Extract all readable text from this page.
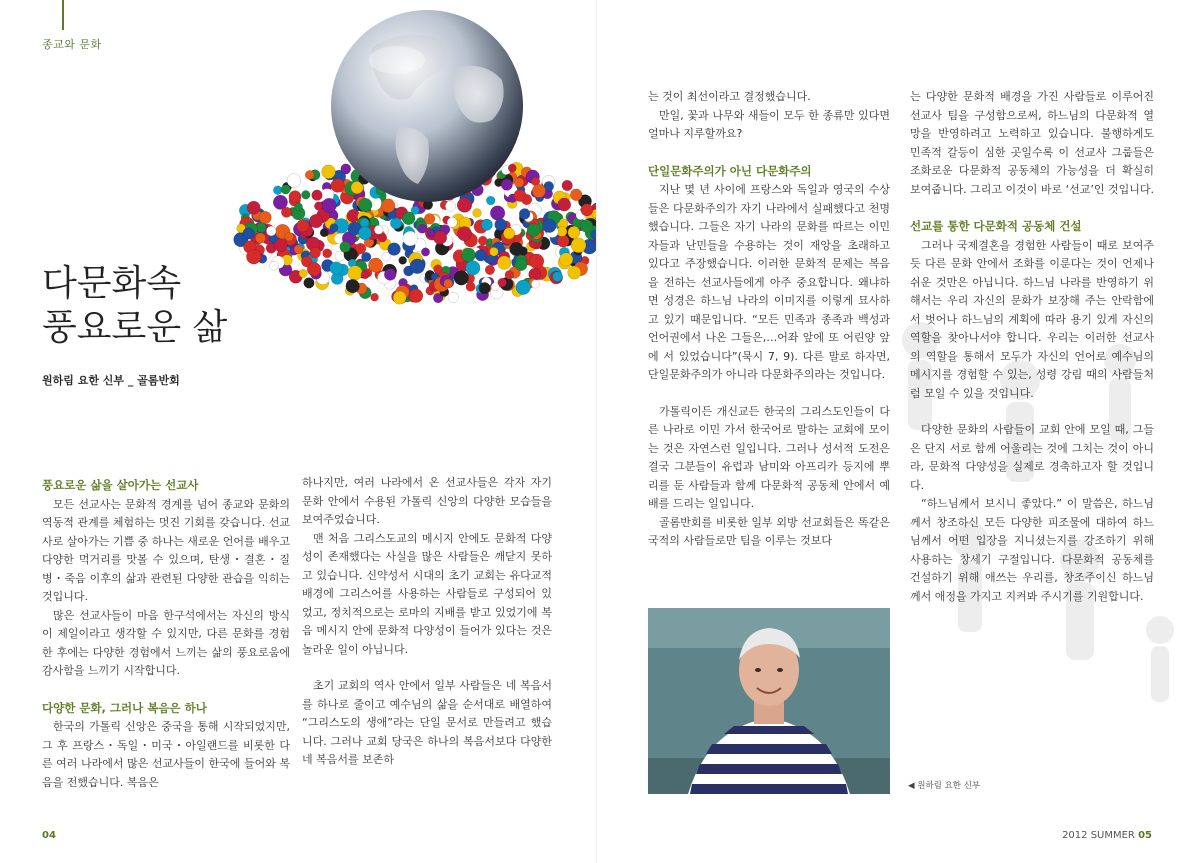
종교와 문화
다문화속
풍요로운 삶
원하림 요한 신부 _ 골롬반회
풍요로운 삶을 살아가는 선교사

모든 선교사는 문화적 경계를 넘어 종교와 문화의 역동적 관계를 체험하는 멋진 기회를 갖습니다. 선교사로 살아가는 기쁨 중 하나는 새로운 언어를 배우고 다양한 먹거리를 맛볼 수 있으며, 탄생・결혼・질병・죽음 이후의 삶과 관련된 다양한 관습을 익히는 것입니다.

많은 선교사들이 마음 한구석에서는 자신의 방식이 제일이라고 생각할 수 있지만, 다른 문화를 경험한 후에는 다양한 경험에서 느끼는 삶의 풍요로움에 감사함을 느끼기 시작합니다.

다양한 문화, 그러나 복음은 하나

한국의 가톨릭 신앙은 중국을 통해 시작되었지만, 그 후 프랑스・독일・미국・아일랜드를 비롯한 다른 여러 나라에서 많은 선교사들이 한국에 들어와 복음을 전했습니다. 복음은

하나지만, 여러 나라에서 온 선교사들은 각자 자기 문화 안에서 수용된 가톨릭 신앙의 다양한 모습들을 보여주었습니다.

맨 처음 그리스도교의 메시지 안에도 문화적 다양성이 존재했다는 사실을 많은 사람들은 깨닫지 못하고 있습니다. 신약성서 시대의 초기 교회는 유다교적 배경에 그리스어를 사용하는 사람들로 구성되어 있었고, 정치적으로는 로마의 지배를 받고 있었기에 복음 메시지 안에 문화적 다양성이 들어가 있다는 것은 놀라운 일이 아닙니다.

초기 교회의 역사 안에서 일부 사람들은 네 복음서를 하나로 줄이고 예수님의 삶을 순서대로 배열하여 “그리스도의 생애”라는 단일 문서로 만들려고 했습니다. 그러나 교회 당국은 하나의 복음서보다 다양한 네 복음서를 보존하

04

는 것이 최선이라고 결정했습니다.

만일, 꽃과 나무와 새들이 모두 한 종류만 있다면 얼마나 지루할까요?

단일문화주의가 아닌 다문화주의

지난 몇 년 사이에 프랑스와 독일과 영국의 수상들은 다문화주의가 자기 나라에서 실패했다고 천명했습니다. 그들은 자기 나라의 문화를 따르는 이민자들과 난민들을 수용하는 것이 재앙을 초래하고 있다고 주장했습니다. 이러한 문화적 문제는 복음을 전하는 선교사들에게 아주 중요합니다. 왜냐하면 성경은 하느님 나라의 이미지를 이렇게 묘사하고 있기 때문입니다. “모든 민족과 종족과 백성과 언어권에서 나온 그들은,…어좌 앞에 또 어린양 앞에 서 있었습니다”(묵시 7, 9). 다른 말로 하자면, 단일문화주의가 아니라 다문화주의라는 것입니다.

가톨릭이든 개신교든 한국의 그리스도인들이 다른 나라로 이민 가서 한국어로 말하는 교회에 모이는 것은 자연스런 일입니다. 그러나 성서적 도전은 결국 그분들이 유럽과 남미와 아프리카 등지에 뿌리를 둔 사람들과 함께 다문화적 공동체 안에서 예배를 드리는 일입니다.

골롬반회를 비롯한 일부 외방 선교회들은 똑같은 국적의 사람들로만 팀을 이루는 것보다

는 다양한 문화적 배경을 가진 사람들로 이루어진 선교사 팀을 구성함으로써, 하느님의 다문화적 열망을 반영하려고 노력하고 있습니다. 불행하게도 민족적 갈등이 심한 곳일수록 이 선교사 그룹들은 조화로운 다문화적 공동체의 가능성을 더 확실히 보여줍니다. 그리고 이것이 바로 ‘선교’인 것입니다.

선교를 통한 다문화적 공동체 건설

그러나 국제결혼을 경험한 사람들이 때로 보여주듯 다른 문화 안에서 조화를 이룬다는 것이 언제나 쉬운 것만은 아닙니다. 하느님 나라를 반영하기 위해서는 우리 자신의 문화가 보장해 주는 안락함에서 벗어나 하느님의 계획에 따라 용기 있게 자신의 역할을 찾아나서야 합니다. 우리는 이러한 선교사의 역할을 통해서 모두가 자신의 언어로 예수님의 메시지를 경험할 수 있는, 성령 강림 때의 사람들처럼 모일 수 있을 것입니다.

다양한 문화의 사람들이 교회 안에 모일 때, 그들은 단지 서로 함께 어울리는 것에 그치는 것이 아니라, 문화적 다양성을 실제로 경축하고자 할 것입니다.

“하느님께서 보시니 좋았다.” 이 말씀은, 하느님께서 창조하신 모든 다양한 피조물에 대하여 하느님께서 어떤 입장을 지니셨는지를 강조하기 위해 사용하는 창세기 구절입니다. 다문화적 공동체를 건설하기 위해 애쓰는 우리를, 창조주이신 하느님께서 애정을 가지고 지켜봐 주시기를 기원합니다.

◀ 원하림 요한 신부
2012 SUMMER 05
